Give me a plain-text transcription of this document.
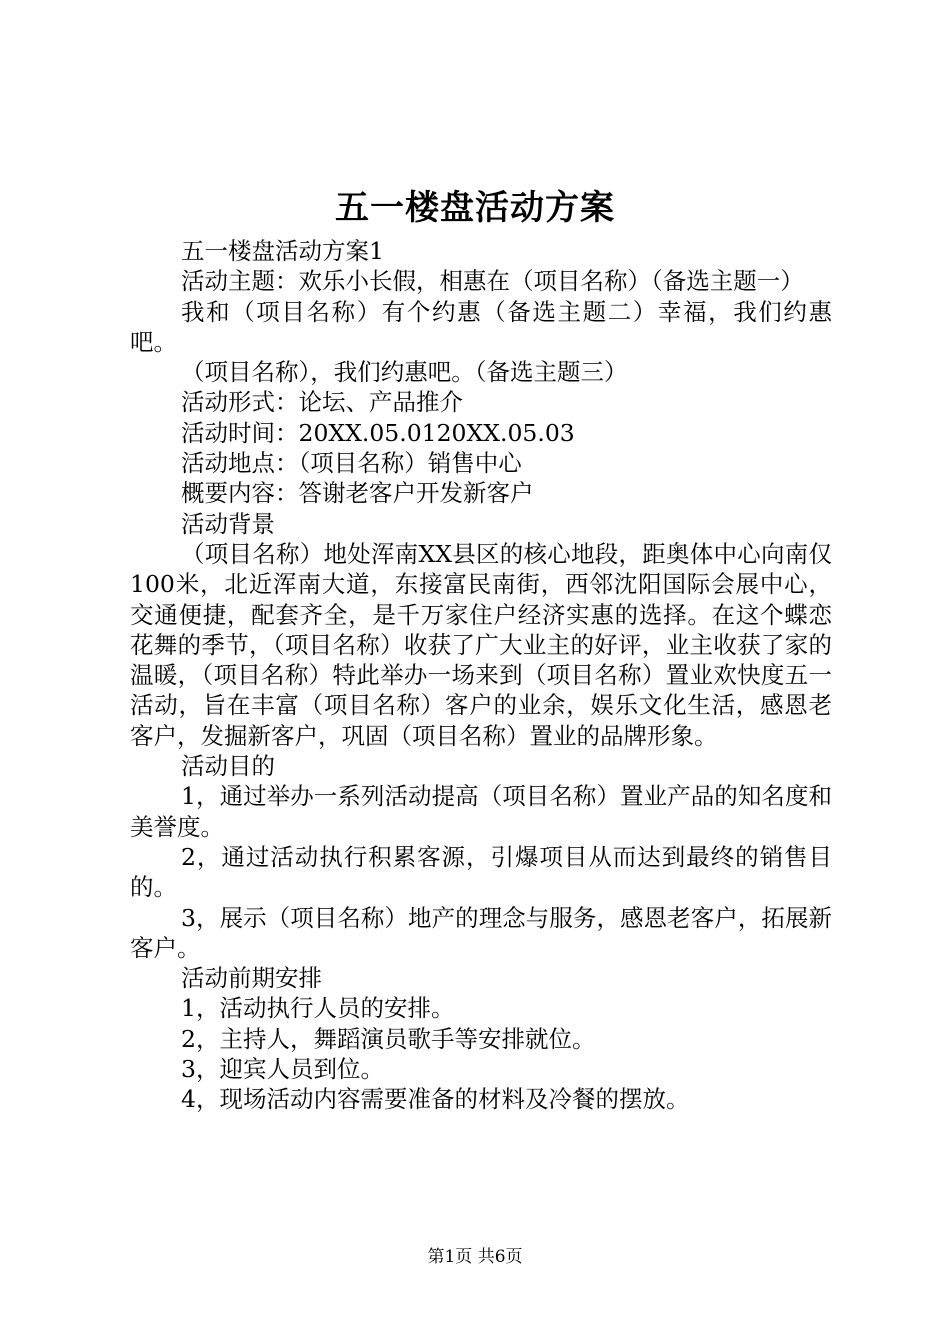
五一楼盘活动方案

五一楼盘活动方案1

活动主题：欢乐小长假，相惠在（项目名称）（备选主题一）

我和（项目名称）有个约惠（备选主题二）幸福，我们约惠吧。

（项目名称），我们约惠吧。（备选主题三）

活动形式：论坛、产品推介

活动时间：20XX.05.0120XX.05.03

活动地点：（项目名称）销售中心

概要内容：答谢老客户开发新客户

活动背景

（项目名称）地处浑南XX县区的核心地段，距奥体中心向南仅100米，北近浑南大道，东接富民南街，西邻沈阳国际会展中心，交通便捷，配套齐全，是千万家住户经济实惠的选择。在这个蝶恋花舞的季节，（项目名称）收获了广大业主的好评，业主收获了家的温暖，（项目名称）特此举办一场来到（项目名称）置业欢快度五一活动，旨在丰富（项目名称）客户的业余，娱乐文化生活，感恩老客户，发掘新客户，巩固（项目名称）置业的品牌形象。

活动目的

1，通过举办一系列活动提高（项目名称）置业产品的知名度和美誉度。

2，通过活动执行积累客源，引爆项目从而达到最终的销售目的。

3，展示（项目名称）地产的理念与服务，感恩老客户，拓展新客户。

活动前期安排

1，活动执行人员的安排。

2，主持人，舞蹈演员歌手等安排就位。

3，迎宾人员到位。

4，现场活动内容需要准备的材料及冷餐的摆放。

第1页 共6页
